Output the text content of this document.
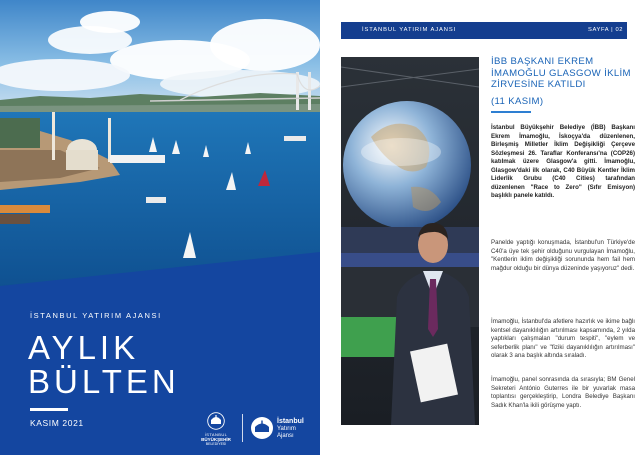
İSTANBUL YATIRIM AJANSI
AYLIK
BÜLTEN
KASIM 2021
İSTANBUL
BÜYÜKŞEHİR
BELEDİYESİ
İstanbul
Yatırım
Ajansı
İSTANBUL YATIRIM AJANSI	SAYFA | 02
İBB BAŞKANI EKREM İMAMOĞLU GLASGOW İKLİM ZİRVESİNE KATILDI
(11 KASIM)
İstanbul Büyükşehir Belediye (İBB) Başkanı Ekrem İmamoğlu, İskoçya'da düzenlenen, Birleşmiş Milletler İklim Değişikliği Çerçeve Sözleşmesi 26. Taraflar Konferansı'na (COP26) katılmak üzere Glasgow'a gitti. İmamoğlu, Glasgow'daki ilk olarak, C40 Büyük Kentler İklim Liderlik Grubu (C40 Cities) tarafından düzenlenen "Race to Zero" (Sıfır Emisyon) başlıklı panele katıldı.
Panelde yaptığı konuşmada, İstanbul'un Türkiye'de C40'a üye tek şehir olduğunu vurgulayan İmamoğlu, "Kentlerin iklim değişikliği sorununda hem fail hem mağdur olduğu bir dünya düzeninde yaşıyoruz" dedi.
İmamoğlu, İstanbul'da afetlere hazırlık ve ikime bağlı kentsel dayanıklılığın artırılması kapsamında, 2 yılda yaptıkları çalışmaları "durum tespiti", "eylem ve seferberlik planı" ve "fiziki dayanıklılığın artırılması" olarak 3 ana başlık altında sıraladı.
İmamoğlu, panel sonrasında da sırasıyla; BM Genel Sekreteri António Guterres ile bir yuvarlak masa toplantısı gerçekleştirip, Londra Belediye Başkanı Sadık Khan'la ikili görüşme yaptı.
